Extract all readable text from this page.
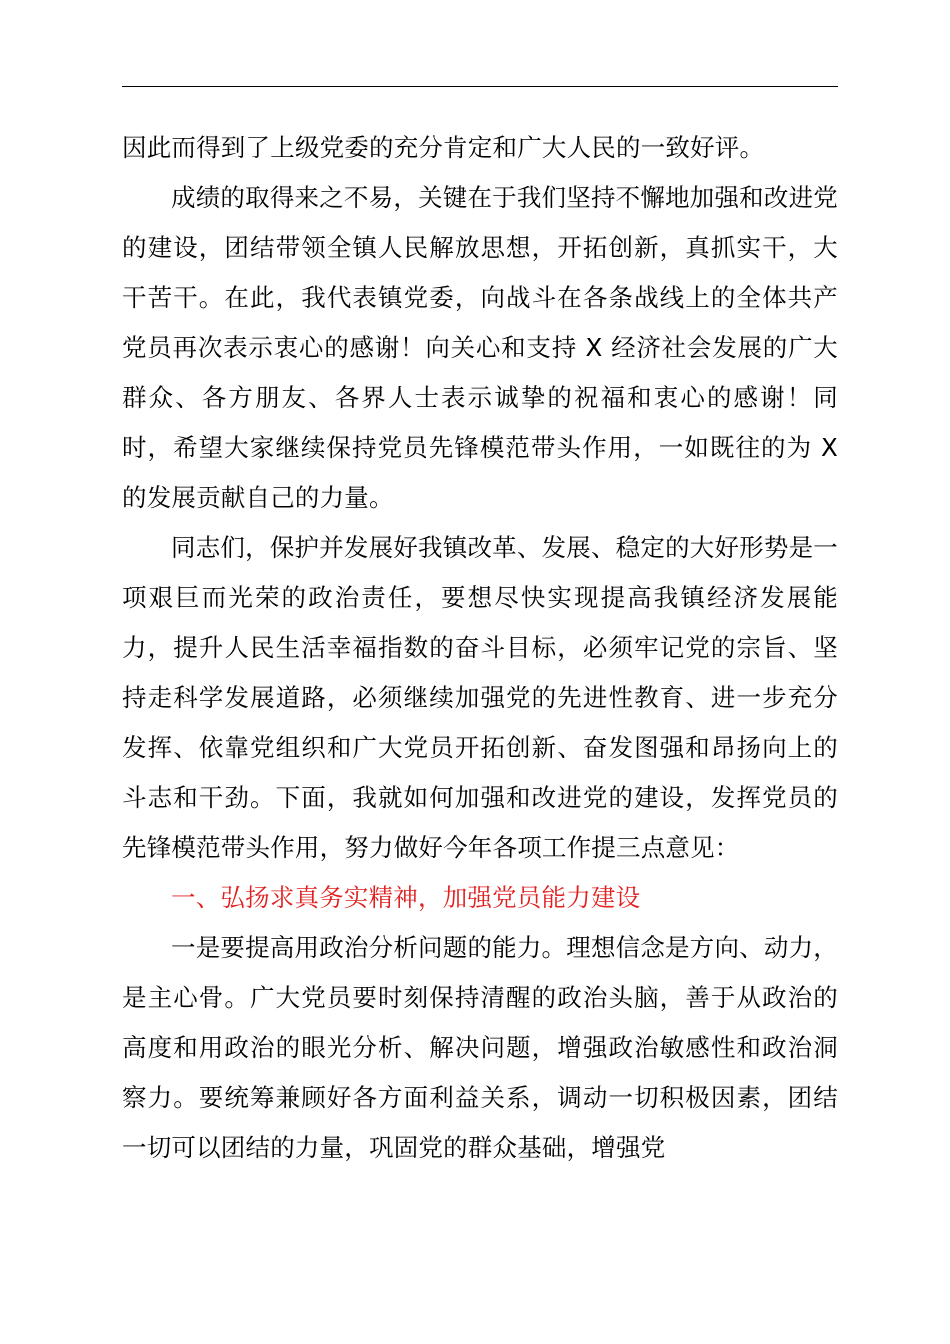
因此而得到了上级党委的充分肯定和广大人民的一致好评。

成绩的取得来之不易，关键在于我们坚持不懈地加强和改进党的建设，团结带领全镇人民解放思想，开拓创新，真抓实干，大干苦干。在此，我代表镇党委，向战斗在各条战线上的全体共产党员再次表示衷心的感谢！向关心和支持 X 经济社会发展的广大群众、各方朋友、各界人士表示诚挚的祝福和衷心的感谢！同时，希望大家继续保持党员先锋模范带头作用，一如既往的为 X 的发展贡献自己的力量。

同志们，保护并发展好我镇改革、发展、稳定的大好形势是一项艰巨而光荣的政治责任，要想尽快实现提高我镇经济发展能力，提升人民生活幸福指数的奋斗目标，必须牢记党的宗旨、坚持走科学发展道路，必须继续加强党的先进性教育、进一步充分发挥、依靠党组织和广大党员开拓创新、奋发图强和昂扬向上的斗志和干劲。下面，我就如何加强和改进党的建设，发挥党员的先锋模范带头作用，努力做好今年各项工作提三点意见：

一、弘扬求真务实精神，加强党员能力建设

一是要提高用政治分析问题的能力。理想信念是方向、动力，是主心骨。广大党员要时刻保持清醒的政治头脑，善于从政治的高度和用政治的眼光分析、解决问题，增强政治敏感性和政治洞察力。要统筹兼顾好各方面利益关系，调动一切积极因素，团结一切可以团结的力量，巩固党的群众基础，增强党
